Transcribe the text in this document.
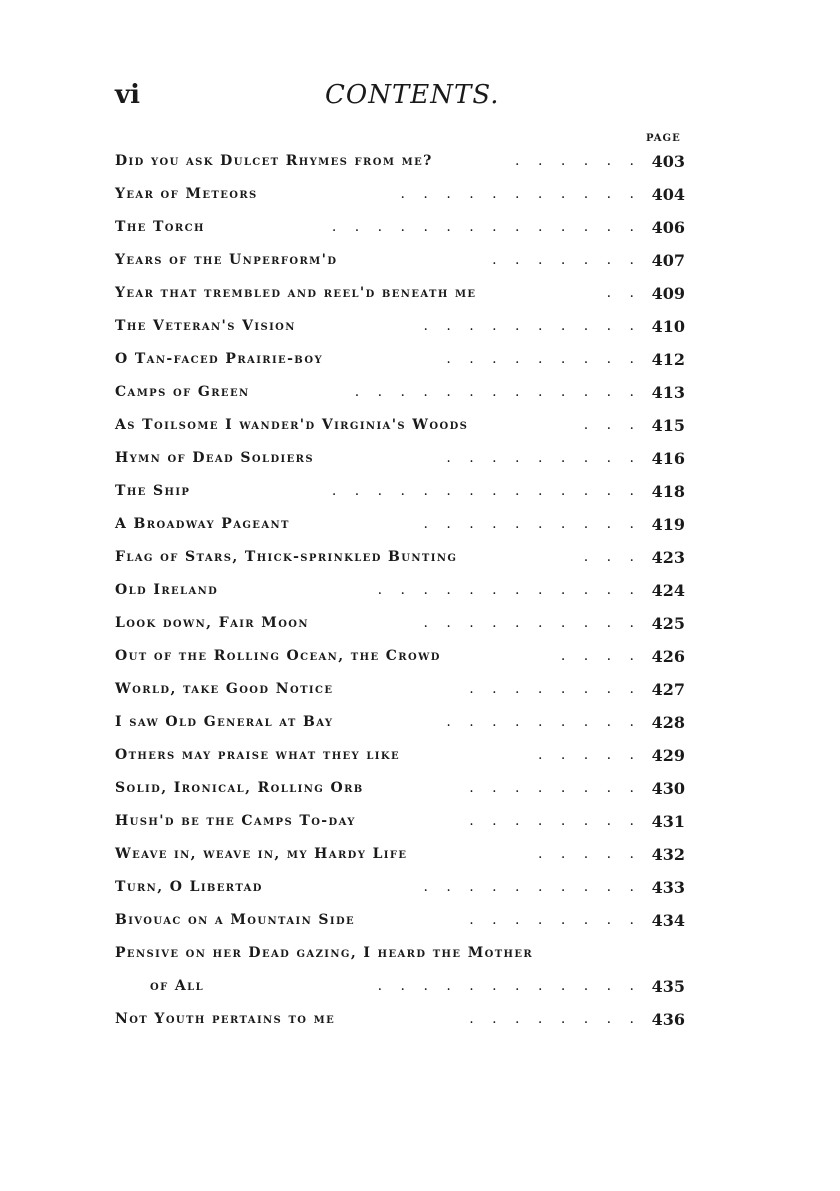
vi	CONTENTS.
PAGE
Did you ask Dulcet Rhymes from me?	. . . . . . 403
Year of Meteors	. . . . . . . . . . . 404
The Torch	. . . . . . . . . . . . . . 406
Years of the Unperform'd	. . . . . . . 407
Year that trembled and reel'd beneath me	. . 409
The Veteran's Vision	. . . . . . . . . . 410
O Tan-faced Prairie-boy	. . . . . . . . . 412
Camps of Green	. . . . . . . . . . . . . 413
As Toilsome I wander'd Virginia's Woods	. . . 415
Hymn of Dead Soldiers	. . . . . . . . . 416
The Ship	. . . . . . . . . . . . . . 418
A Broadway Pageant	. . . . . . . . . . 419
Flag of Stars, Thick-sprinkled Bunting	. . . 423
Old Ireland	. . . . . . . . . . . . 424
Look down, Fair Moon	. . . . . . . . . . 425
Out of the Rolling Ocean, the Crowd	. . . . 426
World, take Good Notice	. . . . . . . . 427
I saw Old General at Bay	. . . . . . . . . 428
Others may praise what they like	. . . . . 429
Solid, Ironical, Rolling Orb	. . . . . . . . 430
Hush'd be the Camps To-day	. . . . . . . . 431
Weave in, weave in, my Hardy Life	. . . . . 432
Turn, O Libertad	. . . . . . . . . . 433
Bivouac on a Mountain Side	. . . . . . . . 434
Pensive on her Dead gazing, I heard the Mother
of All	. . . . . . . . . . . . 435
Not Youth pertains to me	. . . . . . . . 436
